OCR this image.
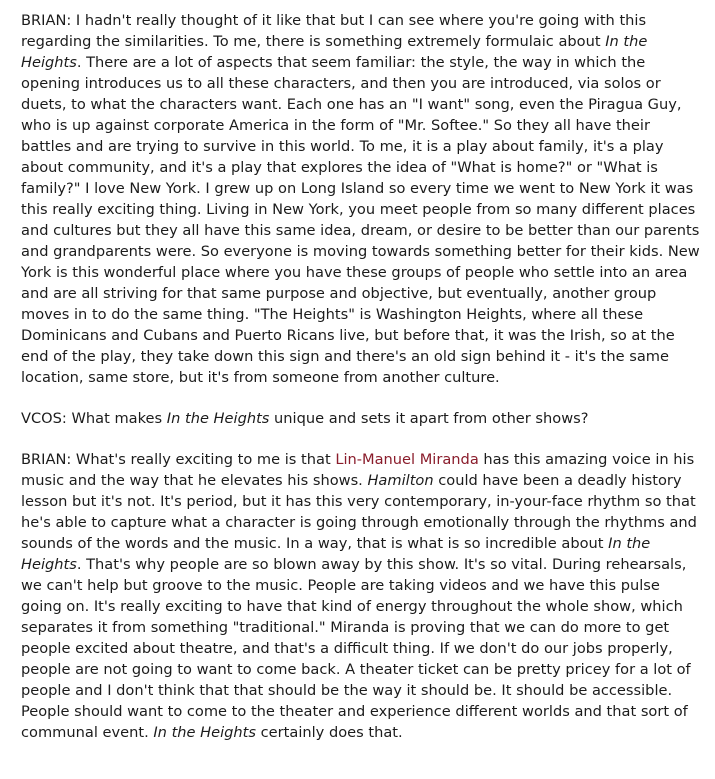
BRIAN: I hadn't really thought of it like that but I can see where you're going with this regarding the similarities. To me, there is something extremely formulaic about In the Heights. There are a lot of aspects that seem familiar: the style, the way in which the opening introduces us to all these characters, and then you are introduced, via solos or duets, to what the characters want. Each one has an "I want" song, even the Piragua Guy, who is up against corporate America in the form of "Mr. Softee." So they all have their battles and are trying to survive in this world. To me, it is a play about family, it's a play about community, and it's a play that explores the idea of "What is home?" or "What is family?" I love New York. I grew up on Long Island so every time we went to New York it was this really exciting thing. Living in New York, you meet people from so many different places and cultures but they all have this same idea, dream, or desire to be better than our parents and grandparents were. So everyone is moving towards something better for their kids. New York is this wonderful place where you have these groups of people who settle into an area and are all striving for that same purpose and objective, but eventually, another group moves in to do the same thing. "The Heights" is Washington Heights, where all these Dominicans and Cubans and Puerto Ricans live, but before that, it was the Irish, so at the end of the play, they take down this sign and there's an old sign behind it - it's the same location, same store, but it's from someone from another culture.

VCOS: What makes In the Heights unique and sets it apart from other shows?

BRIAN: What's really exciting to me is that Lin-Manuel Miranda has this amazing voice in his music and the way that he elevates his shows. Hamilton could have been a deadly history lesson but it's not. It's period, but it has this very contemporary, in-your-face rhythm so that he's able to capture what a character is going through emotionally through the rhythms and sounds of the words and the music. In a way, that is what is so incredible about In the Heights. That's why people are so blown away by this show. It's so vital. During rehearsals, we can't help but groove to the music. People are taking videos and we have this pulse going on. It's really exciting to have that kind of energy throughout the whole show, which separates it from something "traditional." Miranda is proving that we can do more to get people excited about theatre, and that's a difficult thing. If we don't do our jobs properly, people are not going to want to come back. A theater ticket can be pretty pricey for a lot of people and I don't think that that should be the way it should be. It should be accessible. People should want to come to the theater and experience different worlds and that sort of communal event. In the Heights certainly does that.
